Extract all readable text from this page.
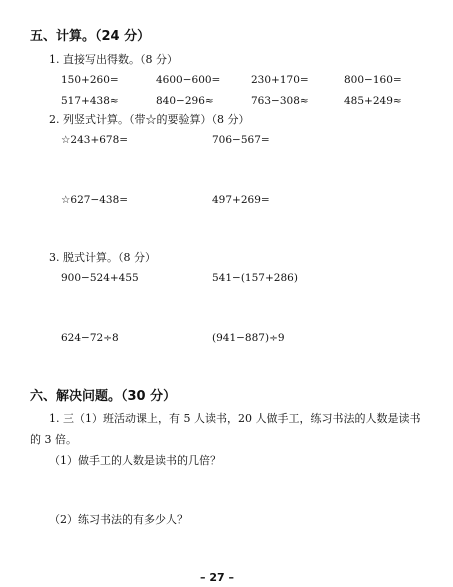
五、计算。（24 分）
1. 直接写出得数。（8 分）
150+260=	4600−600=	230+170=	800−160=
517+438≈	840−296≈	763−308≈	485+249≈
2. 列竖式计算。（带☆的要验算）（8 分）
☆243+678=	706−567=
☆627−438=	497+269=
3. 脱式计算。（8 分）
900−524+455	541−(157+286)
624−72÷8	(941−887)÷9
六、解决问题。（30 分）
1. 三（1）班活动课上，有 5 人读书，20 人做手工，练习书法的人数是读书
的 3 倍。
（1）做手工的人数是读书的几倍？
（2）练习书法的有多少人？
– 27 –
